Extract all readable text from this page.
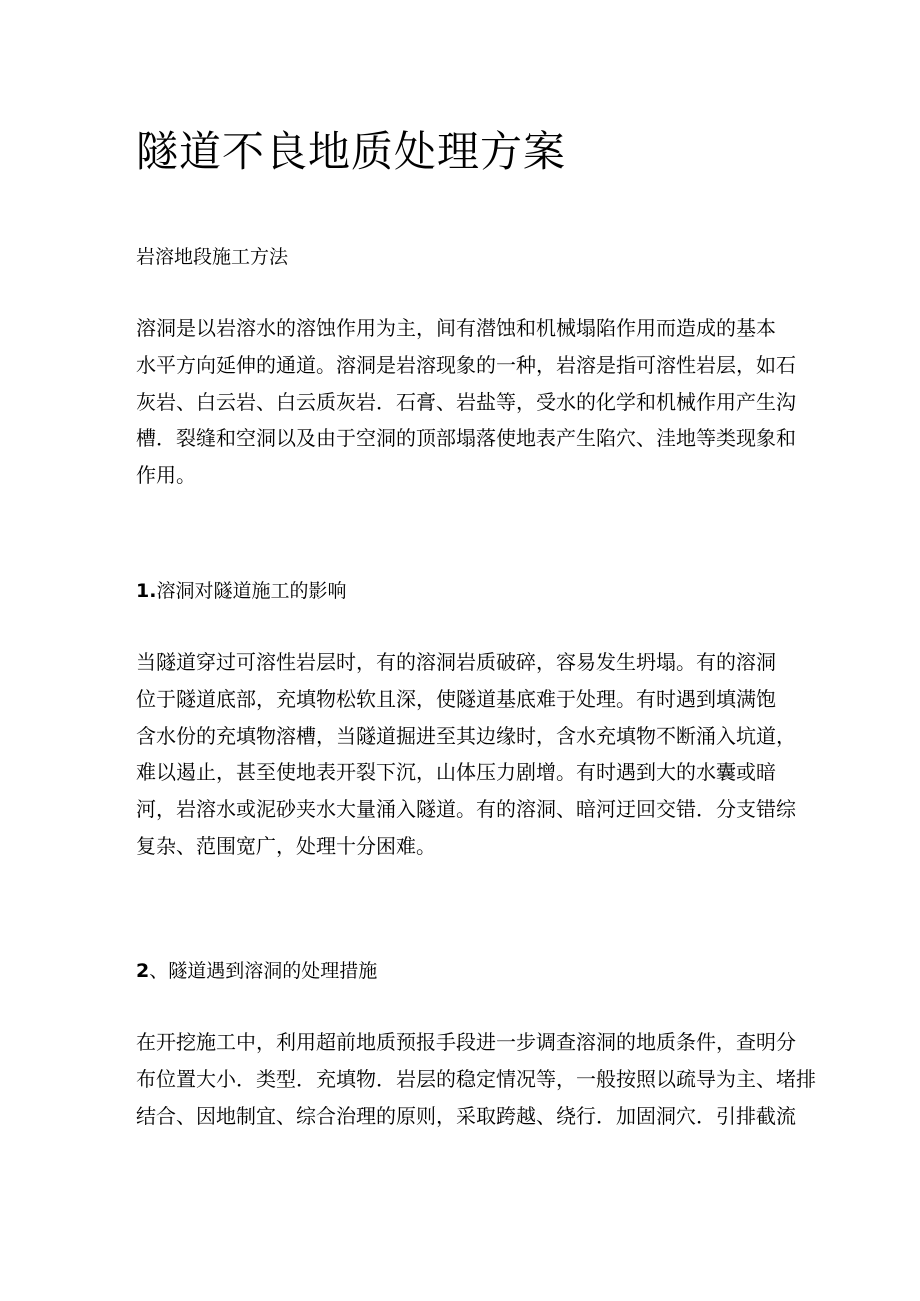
隧道不良地质处理方案
岩溶地段施工方法
溶洞是以岩溶水的溶蚀作用为主，间有潜蚀和机械塌陷作用而造成的基本
水平方向延伸的通道。溶洞是岩溶现象的一种，岩溶是指可溶性岩层，如石
灰岩、白云岩、白云质灰岩．石膏、岩盐等，受水的化学和机械作用产生沟
槽．裂缝和空洞以及由于空洞的顶部塌落使地表产生陷穴、洼地等类现象和
作用。
1.溶洞对隧道施工的影响
当隧道穿过可溶性岩层时，有的溶洞岩质破碎，容易发生坍塌。有的溶洞
位于隧道底部，充填物松软且深，使隧道基底难于处理。有时遇到填满饱
含水份的充填物溶槽，当隧道掘进至其边缘时，含水充填物不断涌入坑道，
难以遏止，甚至使地表开裂下沉，山体压力剧增。有时遇到大的水囊或暗
河，岩溶水或泥砂夹水大量涌入隧道。有的溶洞、暗河迂回交错．分支错综
复杂、范围宽广，处理十分困难。
2、隧道遇到溶洞的处理措施
在开挖施工中，利用超前地质预报手段进一步调查溶洞的地质条件，查明分
布位置大小．类型．充填物．岩层的稳定情况等，一般按照以疏导为主、堵排
结合、因地制宜、综合治理的原则，采取跨越、绕行．加固洞穴．引排截流
